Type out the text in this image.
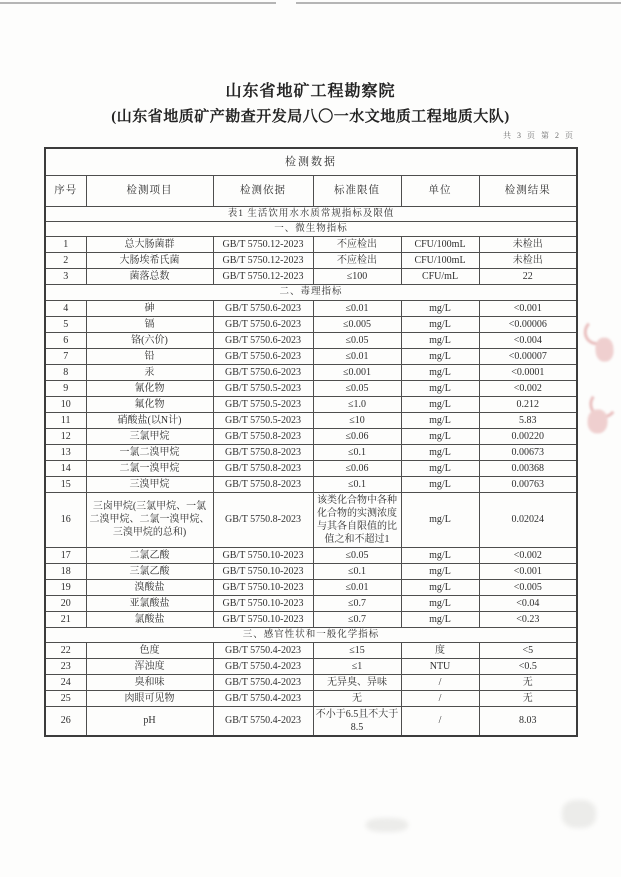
山东省地矿工程勘察院
(山东省地质矿产勘查开发局八〇一水文地质工程地质大队)
共 3 页 第 2 页
检测数据					
序号	检测项目	检测依据	标准限值	单位	检测结果
表1 生活饮用水水质常规指标及限值					
一、微生物指标					
1	总大肠菌群	GB/T 5750.12-2023	不应检出	CFU/100mL	未检出
2	大肠埃希氏菌	GB/T 5750.12-2023	不应检出	CFU/100mL	未检出
3	菌落总数	GB/T 5750.12-2023	≤100	CFU/mL	22
二、毒理指标					
4	砷	GB/T 5750.6-2023	≤0.01	mg/L	<0.001
5	镉	GB/T 5750.6-2023	≤0.005	mg/L	<0.00006
6	铬(六价)	GB/T 5750.6-2023	≤0.05	mg/L	<0.004
7	铅	GB/T 5750.6-2023	≤0.01	mg/L	<0.00007
8	汞	GB/T 5750.6-2023	≤0.001	mg/L	<0.0001
9	氰化物	GB/T 5750.5-2023	≤0.05	mg/L	<0.002
10	氟化物	GB/T 5750.5-2023	≤1.0	mg/L	0.212
11	硝酸盐(以N计)	GB/T 5750.5-2023	≤10	mg/L	5.83
12	三氯甲烷	GB/T 5750.8-2023	≤0.06	mg/L	0.00220
13	一氯二溴甲烷	GB/T 5750.8-2023	≤0.1	mg/L	0.00673
14	二氯一溴甲烷	GB/T 5750.8-2023	≤0.06	mg/L	0.00368
15	三溴甲烷	GB/T 5750.8-2023	≤0.1	mg/L	0.00763
16	三卤甲烷(三氯甲烷、一氯二溴甲烷、二氯一溴甲烷、三溴甲烷的总和)	GB/T 5750.8-2023	该类化合物中各种化合物的实测浓度与其各自限值的比值之和不超过1	mg/L	0.02024
17	二氯乙酸	GB/T 5750.10-2023	≤0.05	mg/L	<0.002
18	三氯乙酸	GB/T 5750.10-2023	≤0.1	mg/L	<0.001
19	溴酸盐	GB/T 5750.10-2023	≤0.01	mg/L	<0.005
20	亚氯酸盐	GB/T 5750.10-2023	≤0.7	mg/L	<0.04
21	氯酸盐	GB/T 5750.10-2023	≤0.7	mg/L	<0.23
三、感官性状和一般化学指标					
22	色度	GB/T 5750.4-2023	≤15	度	<5
23	浑浊度	GB/T 5750.4-2023	≤1	NTU	<0.5
24	臭和味	GB/T 5750.4-2023	无异臭、异味	/	无
25	肉眼可见物	GB/T 5750.4-2023	无	/	无
26	pH	GB/T 5750.4-2023	不小于6.5且不大于8.5	/	8.03
